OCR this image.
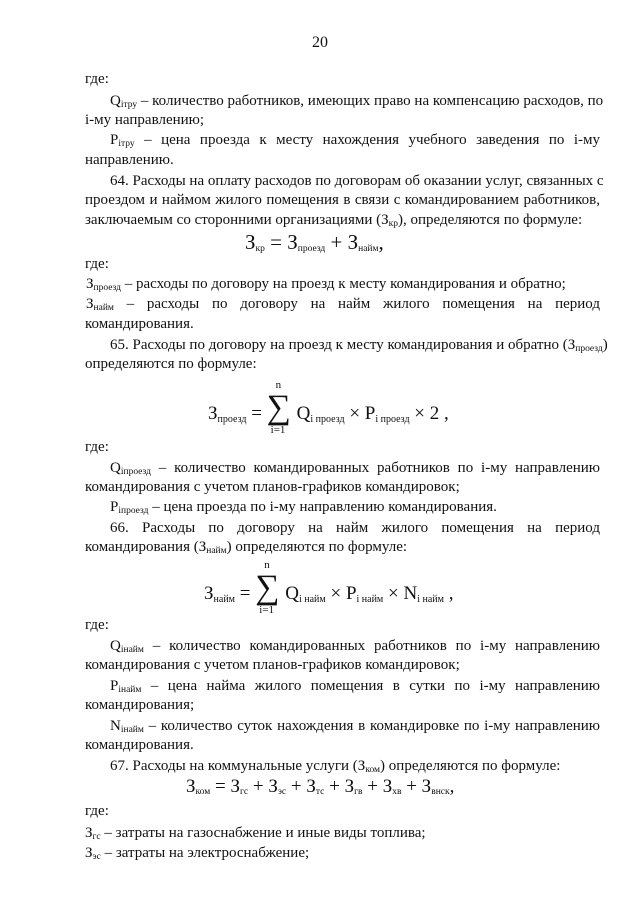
20
где:
$Q_{iтру}$ – количество работников, имеющих право на компенсацию расходов, по
i-му направлению;
$P_{iтру}$ – цена проезда к месту нахождения учебного заведения по i-му
направлению.
64. Расходы на оплату расходов по договорам об оказании услуг, связанных с
проездом и наймом жилого помещения в связи с командированием работников,
заключаемым со сторонними организациями $(З_{кр})$, определяются по формуле:
$З_{кр} = З_{проезд} + З_{найм}$,
где:
$З_{проезд}$ – расходы по договору на проезд к месту командирования и обратно;
$З_{найм}$ – расходы по договору на найм жилого помещения на период
командирования.
65. Расходы по договору на проезд к месту командирования и обратно $(З_{проезд})$
определяются по формуле:
Зпроезд = ∑
n
i=1
Qi проезд × Pi проезд × 2 ,
где:
$Q_{iпроезд}$ – количество командированных работников по i-му направлению
командирования с учетом планов-графиков командировок;
$P_{iпроезд}$ – цена проезда по i-му направлению командирования.
66. Расходы по договору на найм жилого помещения на период
командирования $(З_{найм})$ определяются по формуле:
Знайм = ∑
n
i=1
Qi найм × Pi найм × Ni найм ,
где:
$Q_{iнайм}$ – количество командированных работников по i-му направлению
командирования с учетом планов-графиков командировок;
$P_{iнайм}$ – цена найма жилого помещения в сутки по i-му направлению
командирования;
$N_{iнайм}$ – количество суток нахождения в командировке по i-му направлению
командирования.
67. Расходы на коммунальные услуги $(З_{ком})$ определяются по формуле:
$З_{ком} = З_{гс} + З_{эс} + З_{тс} + З_{гв} + З_{хв} + З_{внск}$,
где:
$З_{гс}$ – затраты на газоснабжение и иные виды топлива;
$З_{эс}$ – затраты на электроснабжение;
